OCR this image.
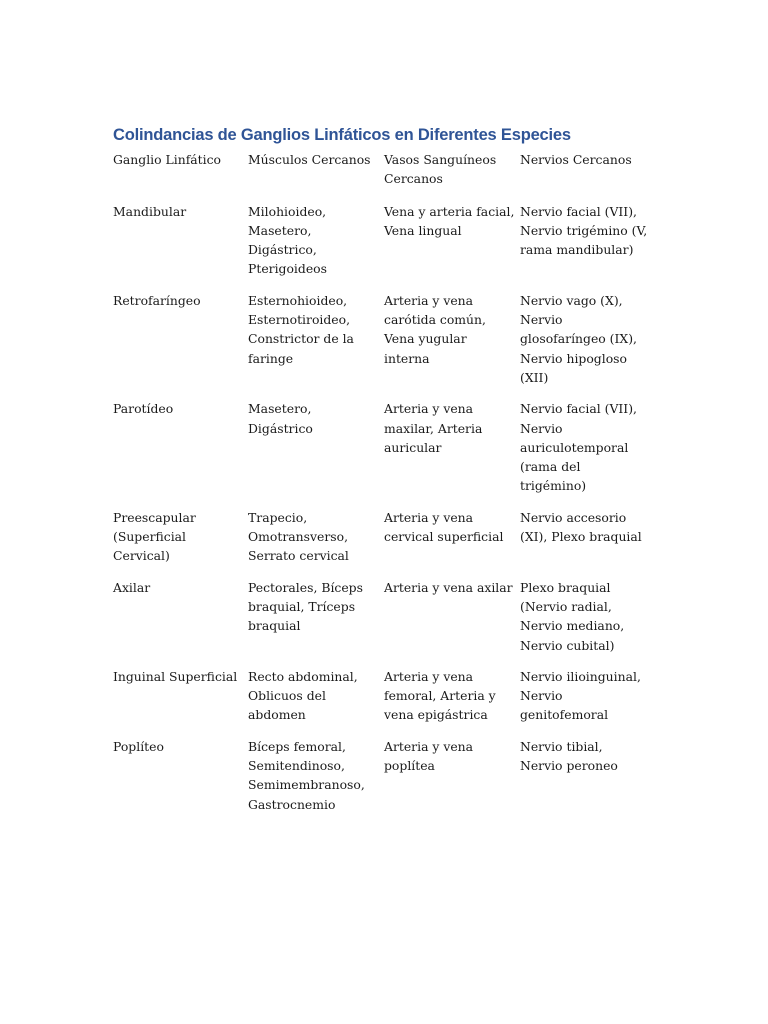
Colindancias de Ganglios Linfáticos en Diferentes Especies
Ganglio Linfático	Músculos Cercanos	Vasos Sanguíneos Cercanos	Nervios Cercanos
Mandibular	Milohioideo, Masetero, Digástrico, Pterigoideos	Vena y arteria facial, Vena lingual	Nervio facial (VII), Nervio trigémino (V, rama mandibular)
Retrofaríngeo	Esternohioideo, Esternotiroideo, Constrictor de la faringe	Arteria y vena carótida común, Vena yugular interna	Nervio vago (X), Nervio glosofaríngeo (IX), Nervio hipogloso (XII)
Parotídeo	Masetero, Digástrico	Arteria y vena maxilar, Arteria auricular	Nervio facial (VII), Nervio auriculotemporal (rama del trigémino)
Preescapular (Superficial Cervical)	Trapecio, Omotransverso, Serrato cervical	Arteria y vena cervical superficial	Nervio accesorio (XI), Plexo braquial
Axilar	Pectorales, Bíceps braquial, Tríceps braquial	Arteria y vena axilar	Plexo braquial (Nervio radial, Nervio mediano, Nervio cubital)
Inguinal Superficial	Recto abdominal, Oblicuos del abdomen	Arteria y vena femoral, Arteria y vena epigástrica	Nervio ilioinguinal, Nervio genitofemoral
Poplíteo	Bíceps femoral, Semitendinoso, Semimembranoso, Gastrocnemio	Arteria y vena poplítea	Nervio tibial, Nervio peroneo
